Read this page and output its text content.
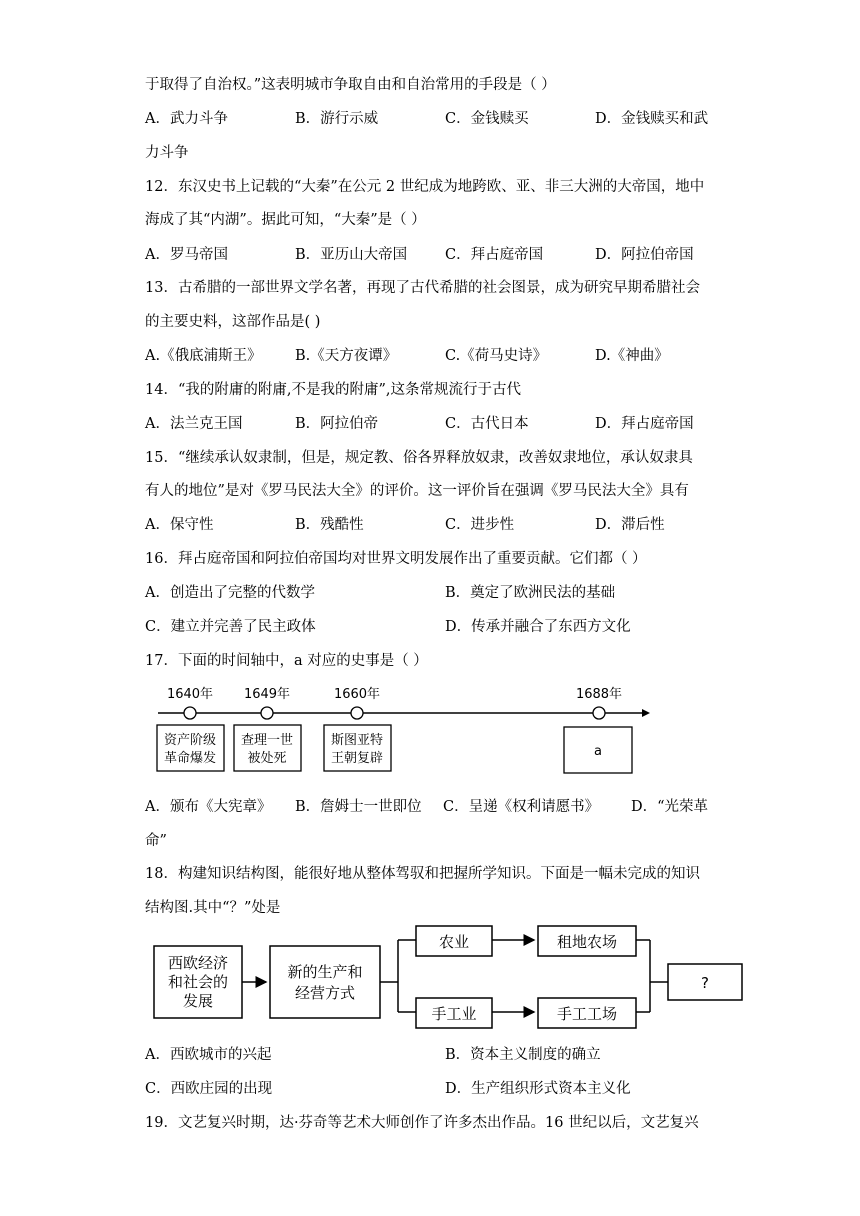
于取得了自治权。”这表明城市争取自由和自治常用的手段是（ ）
A．武力斗争	B．游行示威	C．金钱赎买	D．金钱赎买和武
力斗争
12．东汉史书上记载的“大秦”在公元 2 世纪成为地跨欧、亚、非三大洲的大帝国，地中
海成了其“内湖”。据此可知，“大秦”是（ ）
A．罗马帝国	B．亚历山大帝国	C．拜占庭帝国	D．阿拉伯帝国
13．古希腊的一部世界文学名著，再现了古代希腊的社会图景，成为研究早期希腊社会
的主要史料，这部作品是( )
A.《俄底浦斯王》 B.《天方夜谭》	C.《荷马史诗》	D.《神曲》
14．“我的附庸的附庸,不是我的附庸”,这条常规流行于古代
A．法兰克王国	B．阿拉伯帝	C．古代日本	D．拜占庭帝国
15．“继续承认奴隶制，但是，规定教、俗各界释放奴隶，改善奴隶地位，承认奴隶具
有人的地位”是对《罗马民法大全》的评价。这一评价旨在强调《罗马民法大全》具有
A．保守性	B．残酷性	C．进步性	D．滞后性
16．拜占庭帝国和阿拉伯帝国均对世界文明发展作出了重要贡献。它们都（ ）
A．创造出了完整的代数学	B．奠定了欧洲民法的基础
C．建立并完善了民主政体	D．传承并融合了东西方文化
17．下面的时间轴中，a 对应的史事是（ ）
1640年 1649年	1660年	1688年
资产阶级
革命爆发
查理一世
被处死
斯图亚特
王朝复辟	a
A．颁布《大宪章》 B．詹姆士一世即位 C．呈递《权利请愿书》 D．“光荣革
命”
18．构建知识结构图，能很好地从整体驾驭和把握所学知识。下面是一幅未完成的知识
结构图.其中“？”处是
西欧经济
和社会的
发展
新的生产和
经营方式
农业	租地农场
手工业	手工工场
?
A．西欧城市的兴起	B．资本主义制度的确立
C．西欧庄园的出现	D．生产组织形式资本主义化
19．文艺复兴时期，达·芬奇等艺术大师创作了许多杰出作品。16 世纪以后，文艺复兴
